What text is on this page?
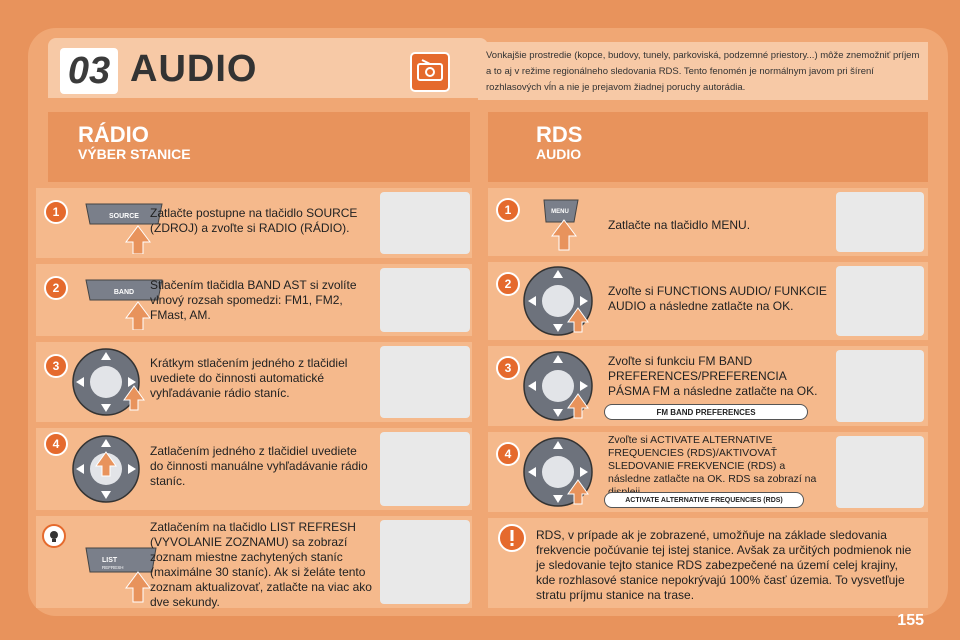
03 AUDIO	Vonkajšie prostredie (kopce, budovy, tunely, parkoviská, podzemné priestory...) môže znemožniť príjem a to aj v režime regionálneho sledovania RDS. Tento fenomén je normálnym javom pri šírení rozhlasových vĺn a nie je prejavom žiadnej poruchy autorádia.
RÁDIO
VÝBER STANICE
RDS
AUDIO
1	SOURCE Zatlačte postupne na tlačidlo SOURCE (ZDROJ) a zvoľte si RADIO (RÁDIO).
2	BAND
Stlačením tlačidla BAND AST si zvolíte vlnový rozsah spomedzi: FM1, FM2, FMast, AM.
3	Krátkym stlačením jedného z tlačidiel uvediete do činnosti automatické vyhľadávanie rádio staníc.
4	Zatlačením jedného z tlačidiel uvediete do činnosti manuálne vyhľadávanie rádio staníc.
LIST
REFRESH
Zatlačením na tlačidlo LIST REFRESH (VYVOLANIE ZOZNAMU) sa zobrazí zoznam miestne zachytených staníc (maximálne 30 staníc). Ak si želáte tento zoznam aktualizovať, zatlačte na viac ako dve sekundy.
1	MENU
Zatlačte na tlačidlo MENU.
2	Zvoľte si FUNCTIONS AUDIO/ FUNKCIE AUDIO a následne zatlačte na OK.
3	Zvoľte si funkciu FM BAND PREFERENCES/PREFERENCIA PÁSMA FM a následne zatlačte na OK.
FM BAND PREFERENCES
4
Zvoľte si ACTIVATE ALTERNATIVE FREQUENCIES (RDS)/AKTIVOVAŤ SLEDOVANIE FREKVENCIE (RDS) a následne zatlačte na OK. RDS sa zobrazí na
ACTIVATE ALTERNATIVE FREQUENCIES (RDS)
RDS, v prípade ak je zobrazené, umožňuje na základe sledovania frekvencie počúvanie tej istej stanice. Avšak za určitých podmienok nie je sledovanie tejto stanice RDS zabezpečené na území celej krajiny, kde rozhlasové stanice nepokrývajú 100% časť územia. To vysvetľuje stratu príjmu stanice na trase.
155
